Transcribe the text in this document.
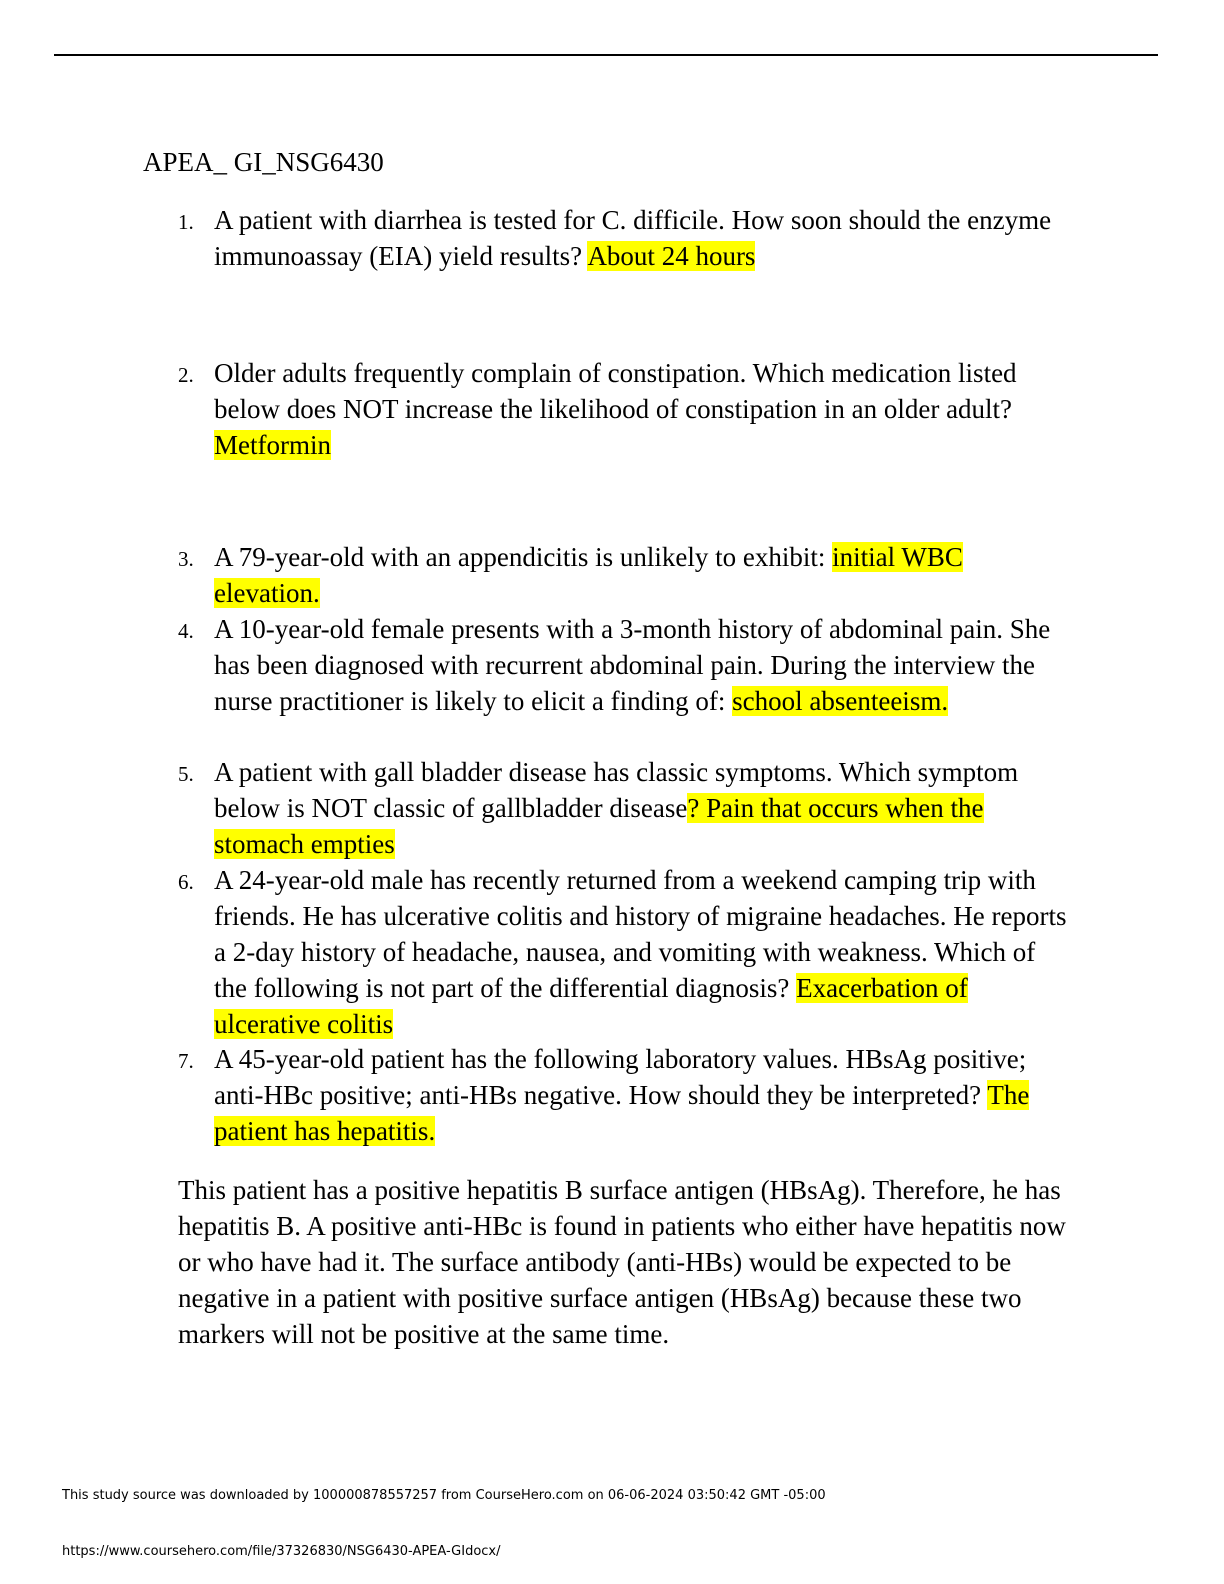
APEA_ GI_NSG6430
1. A patient with diarrhea is tested for C. difficile. How soon should the enzyme immunoassay (EIA) yield results? About 24 hours
2. Older adults frequently complain of constipation. Which medication listed below does NOT increase the likelihood of constipation in an older adult? Metformin
3. A 79-year-old with an appendicitis is unlikely to exhibit: initial WBC elevation.
4. A 10-year-old female presents with a 3-month history of abdominal pain. She has been diagnosed with recurrent abdominal pain. During the interview the nurse practitioner is likely to elicit a finding of: school absenteeism.
5. A patient with gall bladder disease has classic symptoms. Which symptom below is NOT classic of gallbladder disease? Pain that occurs when the stomach empties
6. A 24-year-old male has recently returned from a weekend camping trip with friends. He has ulcerative colitis and history of migraine headaches. He reports a 2-day history of headache, nausea, and vomiting with weakness. Which of the following is not part of the differential diagnosis? Exacerbation of ulcerative colitis
7. A 45-year-old patient has the following laboratory values. HBsAg positive; anti-HBc positive; anti-HBs negative. How should they be interpreted? The patient has hepatitis.

This patient has a positive hepatitis B surface antigen (HBsAg). Therefore, he has hepatitis B. A positive anti-HBc is found in patients who either have hepatitis now or who have had it. The surface antibody (anti-HBs) would be expected to be negative in a patient with positive surface antigen (HBsAg) because these two markers will not be positive at the same time.

This study source was downloaded by 100000878557257 from CourseHero.com on 06-06-2024 03:50:42 GMT -05:00
https://www.coursehero.com/file/37326830/NSG6430-APEA-GIdocx/
